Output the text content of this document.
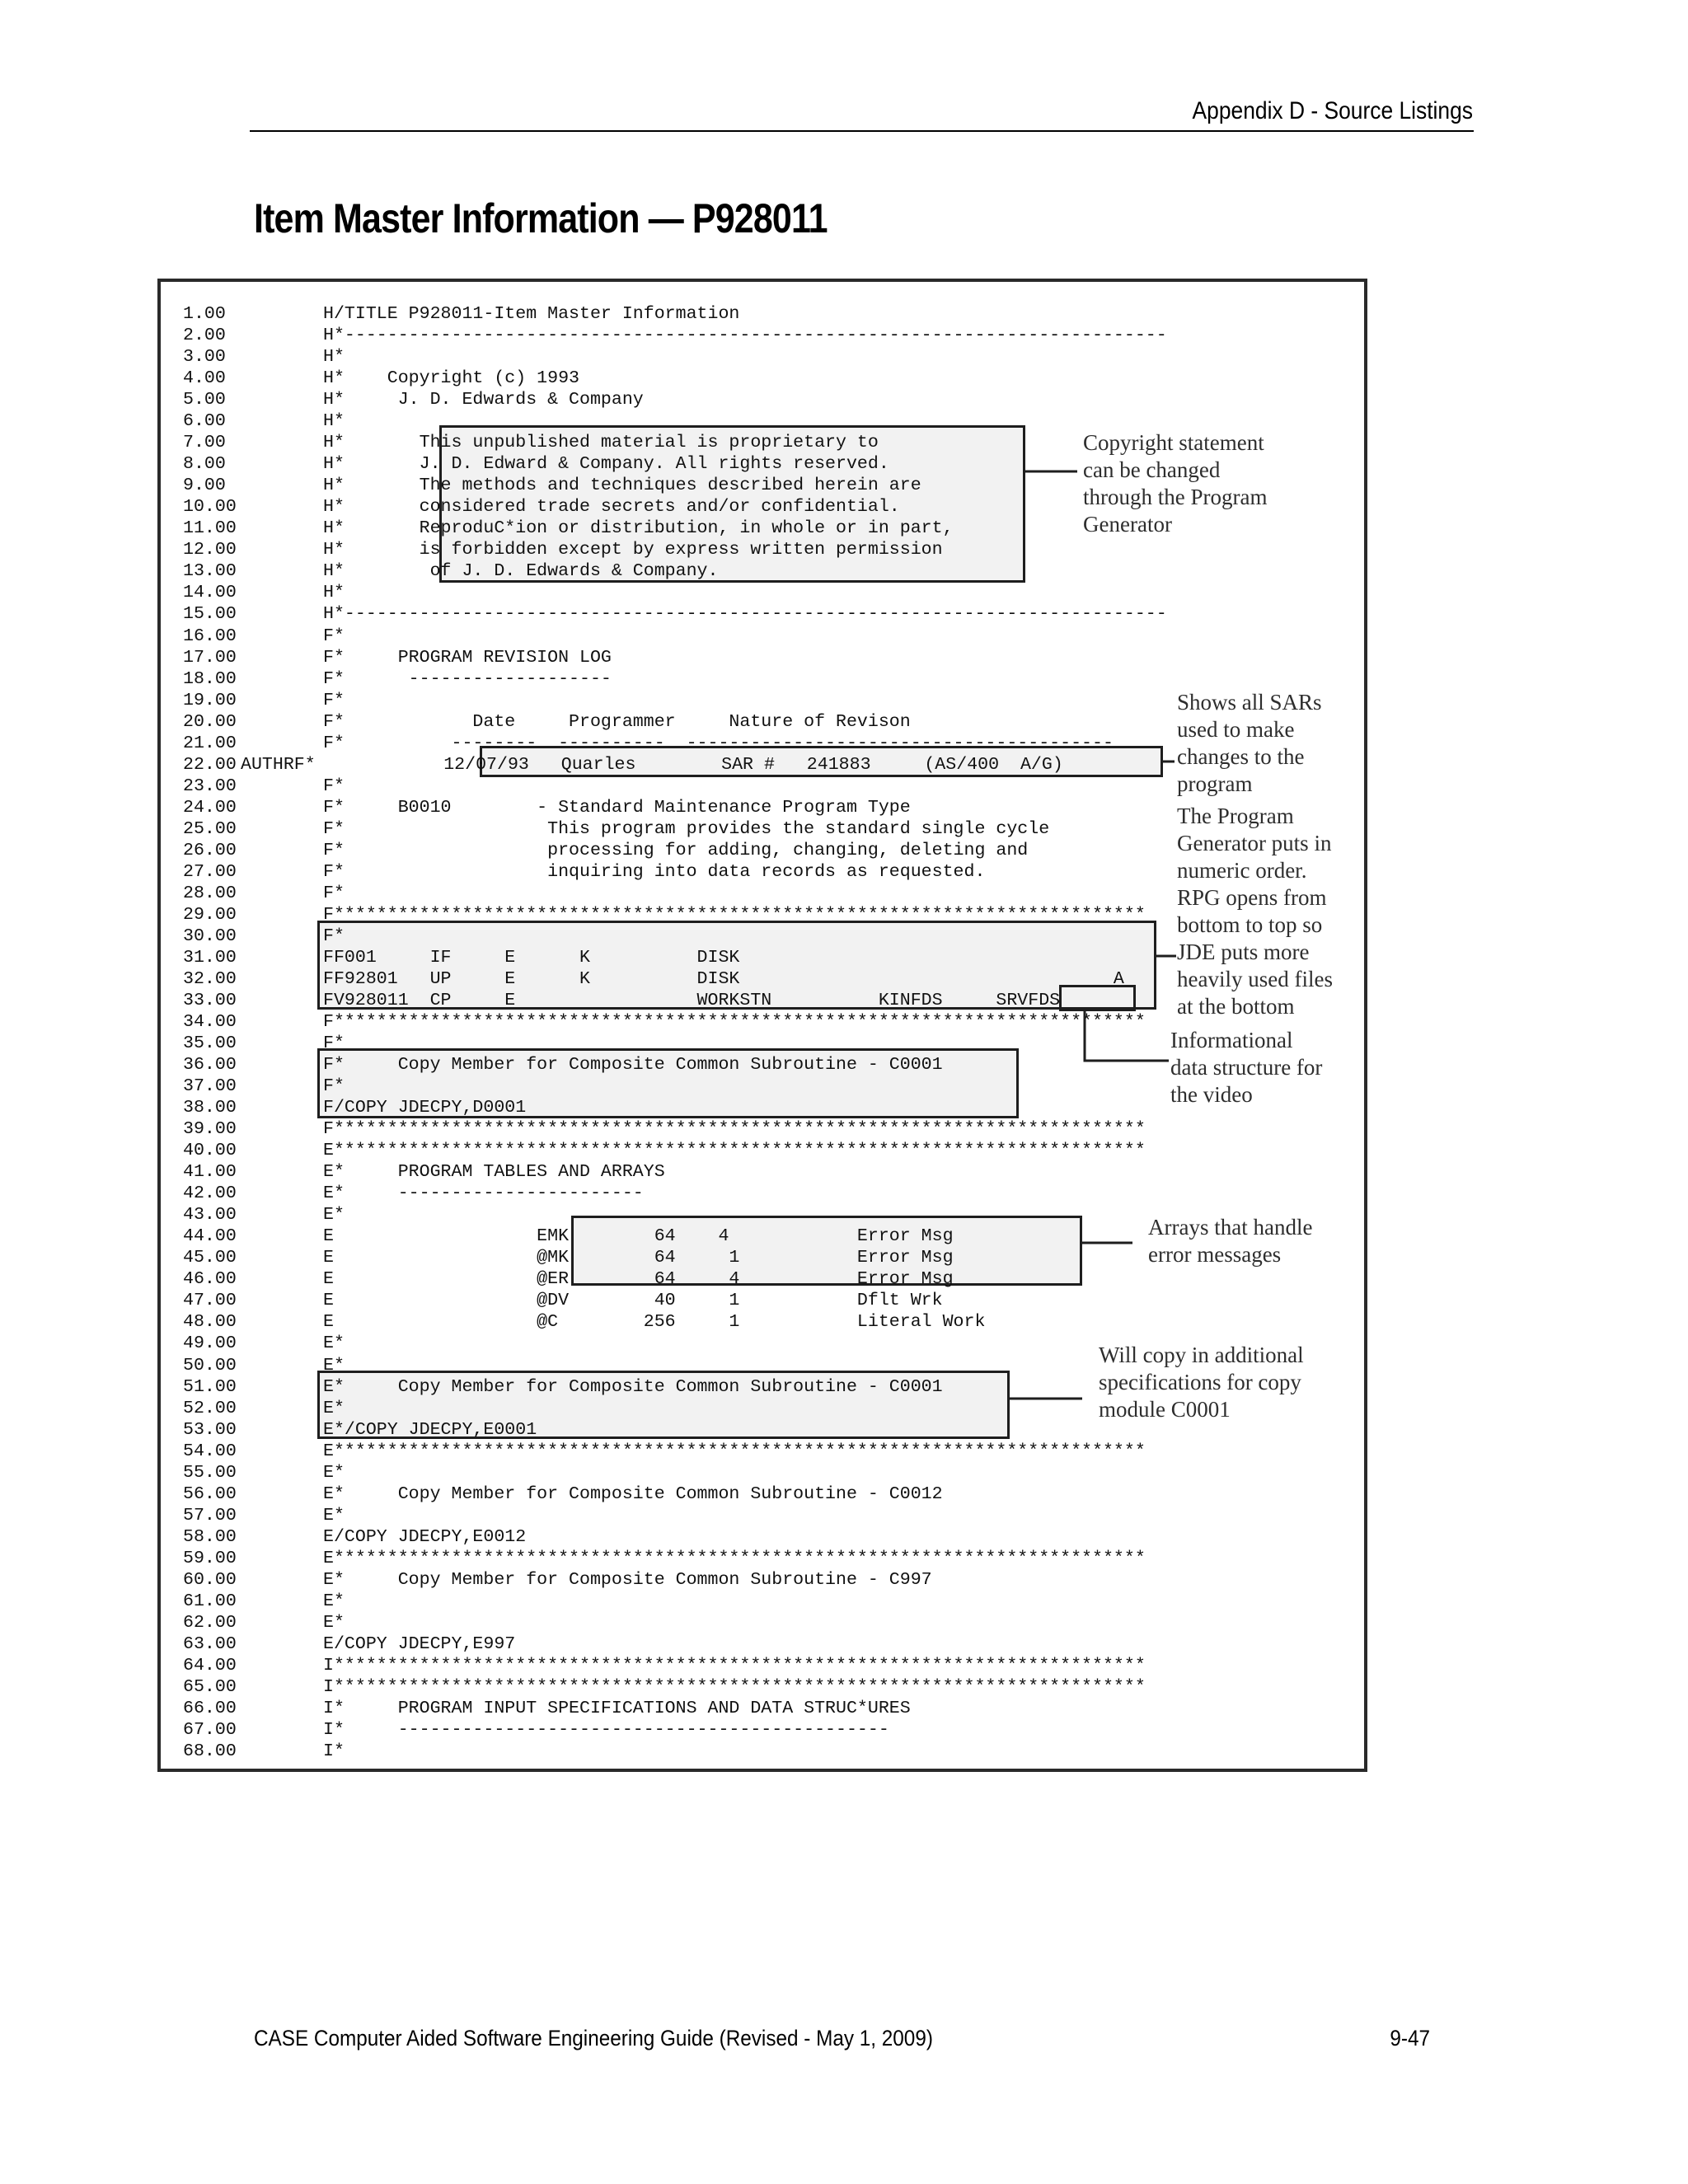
Appendix D - Source Listings
Item Master Information — P928011
1.00	H/TITLE P928011-Item Master Information
2.00	H*-----------------------------------------------------------------------------
3.00	H*
4.00	H*    Copyright (c) 1993
5.00	H*     J. D. Edwards & Company
6.00	H*
7.00	H*       This unpublished material is proprietary to
8.00	H*       J. D. Edward & Company. All rights reserved.
9.00	H*       The methods and techniques described herein are
10.00	H*       considered trade secrets and/or confidential.
11.00	H*       ReproduC*ion or distribution, in whole or in part,
12.00	H*       is forbidden except by express written permission
13.00	H*        of J. D. Edwards & Company.
14.00	H*
15.00	H*-----------------------------------------------------------------------------
16.00	F*
17.00	F*     PROGRAM REVISION LOG
18.00	F*      -------------------
19.00	F*
20.00	F*            Date     Programmer     Nature of Revison
21.00	F*          --------  ----------  ----------------------------------------
22.00 AUTHRF*            12/07/93   Quarles        SAR #   241883     (AS/400  A/G)
23.00	F*
24.00	F*     B0010        - Standard Maintenance Program Type
25.00	F*                   This program provides the standard single cycle
26.00	F*                   processing for adding, changing, deleting and
27.00	F*                   inquiring into data records as requested.
28.00	F*
29.00	F****************************************************************************
30.00	F*
31.00	FF001     IF     E      K          DISK
32.00	FF92801   UP     E      K          DISK                                   A
33.00	FV928011  CP     E                 WORKSTN          KINFDS     SRVFDS
34.00	F****************************************************************************
35.00	F*
36.00	F*     Copy Member for Composite Common Subroutine - C0001
37.00	F*
38.00	F/COPY JDECPY,D0001
39.00	F****************************************************************************
40.00	E****************************************************************************
41.00	E*     PROGRAM TABLES AND ARRAYS
42.00	E*     -----------------------
43.00	E*
44.00	E                   EMK        64    4            Error Msg
45.00	E                   @MK        64     1           Error Msg
46.00	E                   @ER        64     4           Error Msg
47.00	E                   @DV        40     1           Dflt Wrk
48.00	E                   @C        256     1           Literal Work
49.00	E*
50.00	E*
51.00	E*     Copy Member for Composite Common Subroutine - C0001
52.00	E*
53.00	E*/COPY JDECPY,E0001
54.00	E****************************************************************************
55.00	E*
56.00	E*     Copy Member for Composite Common Subroutine - C0012
57.00	E*
58.00	E/COPY JDECPY,E0012
59.00	E****************************************************************************
60.00	E*     Copy Member for Composite Common Subroutine - C997
61.00	E*
62.00	E*
63.00	E/COPY JDECPY,E997
64.00	I****************************************************************************
65.00	I****************************************************************************
66.00	I*     PROGRAM INPUT SPECIFICATIONS AND DATA STRUC*URES
67.00	I*     ----------------------------------------------
68.00	I*
Copyright statement
can be changed
through the Program
Generator
Shows all SARs
used to make
changes to the
program
The Program
Generator puts in
numeric order.
RPG opens from
bottom to top so
JDE puts more
heavily used files
at the bottom
Informational
data structure for
the video
Arrays that handle
error messages
Will copy in additional
specifications for copy
module C0001
CASE Computer Aided Software Engineering Guide (Revised - May 1, 2009)	9-47
